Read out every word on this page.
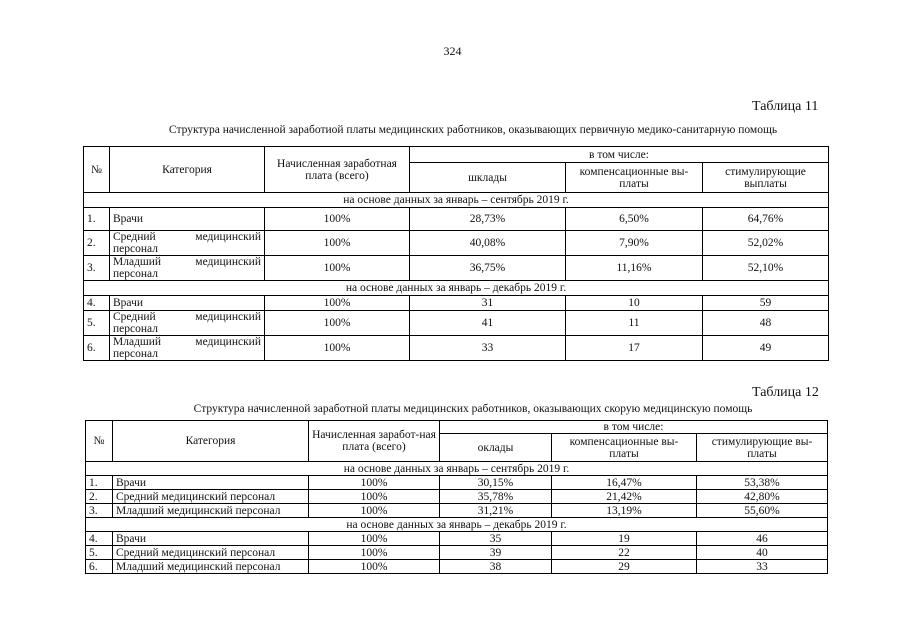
324
Таблица 11
Структура начисленной заработиой платы медицинских работников, оказывающих первичную медико-санитарную помощь
№	Категория	Начисленная заработная плата (всего)	в том числе:		
			шклады	компенсационные вы-платы	стимулирующие выплаты
на основе данных за январь – сентябрь 2019 г.					
1.	Врачи	100%	28,73%	6,50%	64,76%
2.	Средний медицинский персонал	100%	40,08%	7,90%	52,02%
3.	Младший медицинский персонал	100%	36,75%	11,16%	52,10%
на основе данных за январь – декабрь 2019 г.					
4.	Врачи	100%	31	10	59
5.	Средний медицинский персонал	100%	41	11	48
6.	Младший медицинский персонал	100%	33	17	49
Таблица 12
Структура начисленной заработной платы медицинских работников, оказывающих скорую медицинскую помощь
№	Категория	Начисленная заработ-ная плата (всего)	в том числе:		
			оклады	компенсационные вы-платы	стимулирующие вы-платы
на основе данных за январь – сентябрь 2019 г.					
1.	Врачи	100%	30,15%	16,47%	53,38%
2.	Средний медицинский персонал	100%	35,78%	21,42%	42,80%
3.	Младший медицинский персонал	100%	31,21%	13,19%	55,60%
на основе данных за январь – декабрь 2019 г.					
4.	Врачи	100%	35	19	46
5.	Средний медицинский персонал	100%	39	22	40
6.	Младший медицинский персонал	100%	38	29	33
